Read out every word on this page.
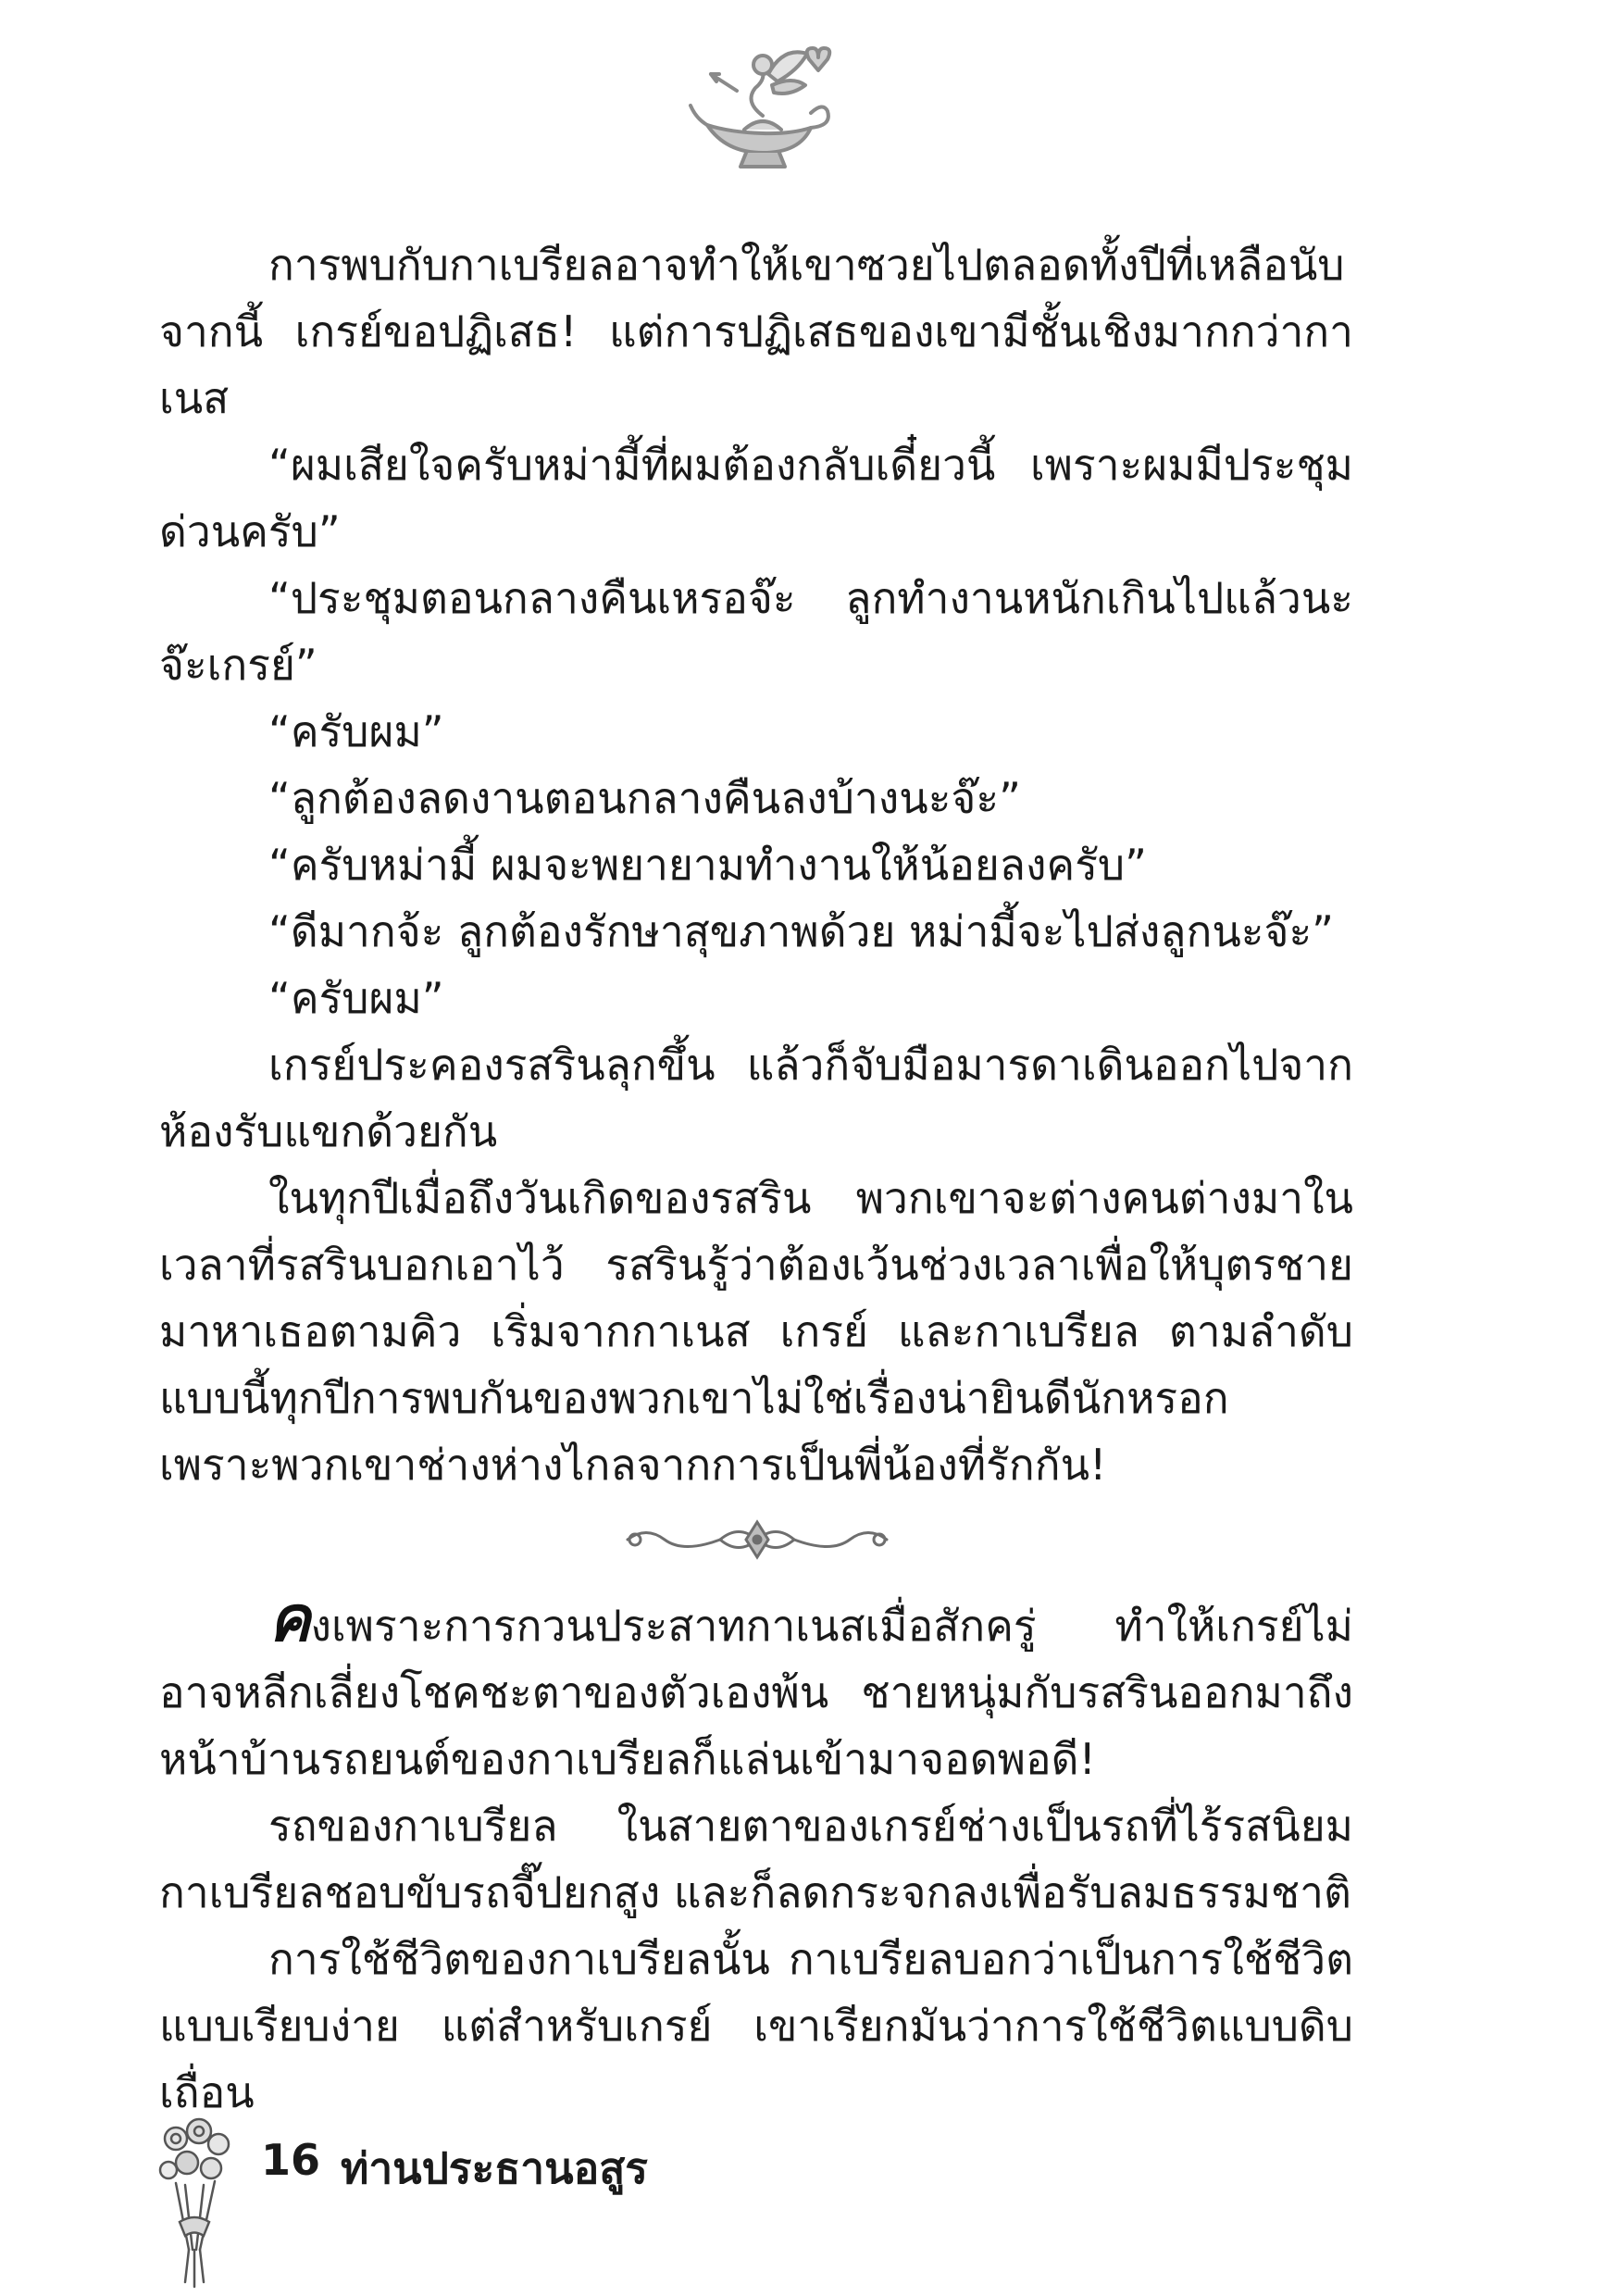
การพบกับกาเบรียลอาจทำให้เขาซวยไปตลอดทั้งปีที่เหลือนับจากนี้ เกรย์ขอปฏิเสธ! แต่การปฏิเสธของเขามีชั้นเชิงมากกว่ากาเนส

“ผมเสียใจครับหม่ามี้ที่ผมต้องกลับเดี๋ยวนี้ เพราะผมมีประชุมด่วนครับ”

“ประชุมตอนกลางคืนเหรอจ๊ะ ลูกทำงานหนักเกินไปแล้วนะจ๊ะเกรย์”

“ครับผม”

“ลูกต้องลดงานตอนกลางคืนลงบ้างนะจ๊ะ”

“ครับหม่ามี้ ผมจะพยายามทำงานให้น้อยลงครับ”

“ดีมากจ้ะ ลูกต้องรักษาสุขภาพด้วย หม่ามี้จะไปส่งลูกนะจ๊ะ”

“ครับผม”

เกรย์ประคองรสรินลุกขึ้น แล้วก็จับมือมารดาเดินออกไปจากห้องรับแขกด้วยกัน

ในทุกปีเมื่อถึงวันเกิดของรสริน พวกเขาจะต่างคนต่างมาในเวลาที่รสรินบอกเอาไว้ รสรินรู้ว่าต้องเว้นช่วงเวลาเพื่อให้บุตรชายมาหาเธอตามคิว เริ่มจากกาเนส เกรย์ และกาเบรียล ตามลำดับแบบนี้ทุกปีการพบกันของพวกเขาไม่ใช่เรื่องน่ายินดีนักหรอก เพราะพวกเขาช่างห่างไกลจากการเป็นพี่น้องที่รักกัน!

คงเพราะการกวนประสาทกาเนสเมื่อสักครู่ ทำให้เกรย์ไม่อาจหลีกเลี่ยงโชคชะตาของตัวเองพ้น ชายหนุ่มกับรสรินออกมาถึงหน้าบ้านรถยนต์ของกาเบรียลก็แล่นเข้ามาจอดพอดี!

รถของกาเบรียล ในสายตาของเกรย์ช่างเป็นรถที่ไร้รสนิยม กาเบรียลชอบขับรถจี๊ปยกสูง และก็ลดกระจกลงเพื่อรับลมธรรมชาติ

การใช้ชีวิตของกาเบรียลนั้น กาเบรียลบอกว่าเป็นการใช้ชีวิตแบบเรียบง่าย แต่สำหรับเกรย์ เขาเรียกมันว่าการใช้ชีวิตแบบดิบเถื่อน

16 ท่านประธานอสูร
